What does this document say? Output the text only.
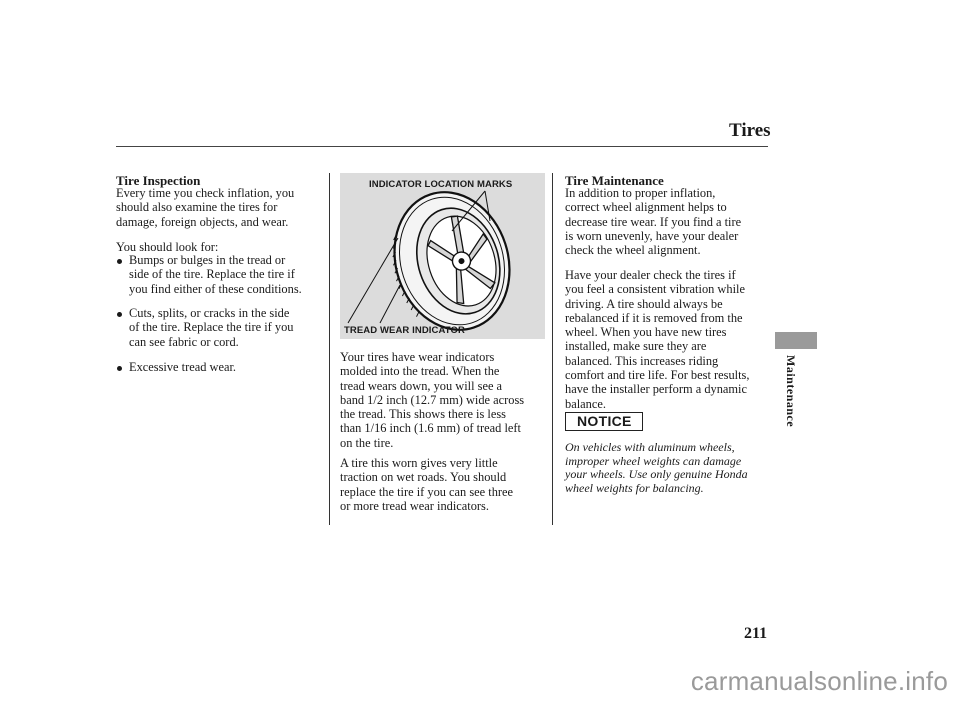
Tires
Maintenance
Tire Inspection
Every time you check inflation, you
should also examine the tires for
damage, foreign objects, and wear.
You should look for:
Bumps or bulges in the tread or
side of the tire. Replace the tire if
you find either of these conditions.
Cuts, splits, or cracks in the side
of the tire. Replace the tire if you
can see fabric or cord.
Excessive tread wear.
INDICATOR LOCATION MARKS
TREAD WEAR INDICATOR
Your tires have wear indicators
molded into the tread. When the
tread wears down, you will see a
band 1/2 inch (12.7 mm) wide across
the tread. This shows there is less
than 1/16 inch (1.6 mm) of tread left
on the tire.
A tire this worn gives very little
traction on wet roads. You should
replace the tire if you can see three
or more tread wear indicators.
Tire Maintenance
In addition to proper inflation,
correct wheel alignment helps to
decrease tire wear. If you find a tire
is worn unevenly, have your dealer
check the wheel alignment.
Have your dealer check the tires if
you feel a consistent vibration while
driving. A tire should always be
rebalanced if it is removed from the
wheel. When you have new tires
installed, make sure they are
balanced. This increases riding
comfort and tire life. For best results,
have the installer perform a dynamic
balance.
NOTICE
On vehicles with aluminum wheels,
improper wheel weights can damage
your wheels. Use only genuine Honda
wheel weights for balancing.
211
carmanualsonline.info
